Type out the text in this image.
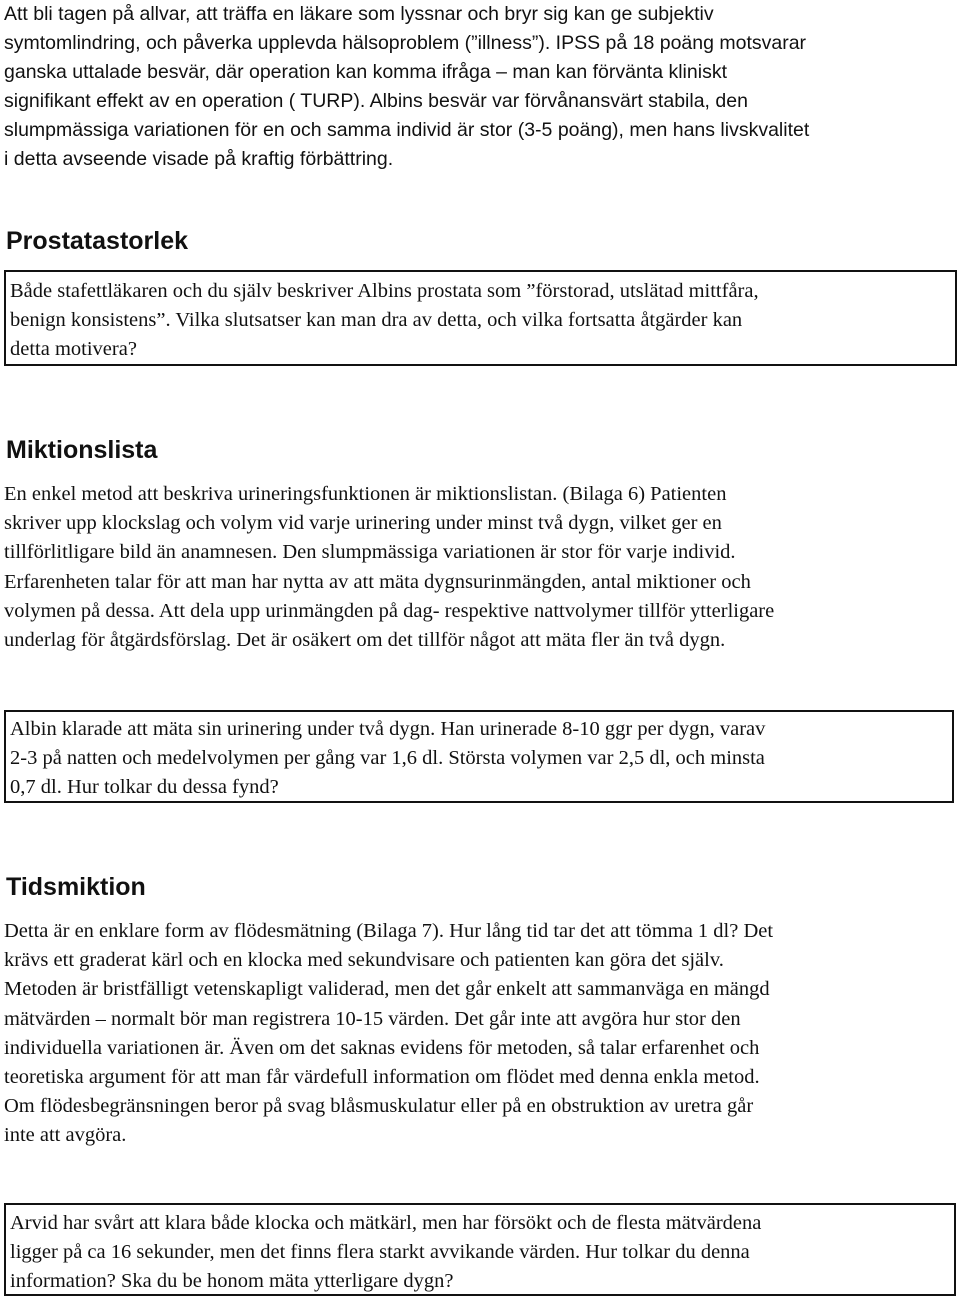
Att bli tagen på allvar, att träffa en läkare som lyssnar och bryr sig kan ge subjektiv
symtomlindring, och påverka upplevda hälsoproblem (”illness”). IPSS på 18 poäng motsvarar
ganska uttalade besvär, där operation kan komma ifråga – man kan förvänta kliniskt
signifikant effekt av en operation ( TURP). Albins besvär var förvånansvärt stabila, den
slumpmässiga variationen för en och samma individ är stor (3-5 poäng), men hans livskvalitet
i detta avseende visade på kraftig förbättring.

Prostatastorlek
Både stafettläkaren och du själv beskriver Albins prostata som ”förstorad, utslätad mittfåra,
benign konsistens”. Vilka slutsatser kan man dra av detta, och vilka fortsatta åtgärder kan
detta motivera?
Miktionslista

En enkel metod att beskriva urineringsfunktionen är miktionslistan. (Bilaga 6) Patienten
skriver upp klockslag och volym vid varje urinering under minst två dygn, vilket ger en
tillförlitligare bild än anamnesen. Den slumpmässiga variationen är stor för varje individ.
Erfarenheten talar för att man har nytta av att mäta dygnsurinmängden, antal miktioner och
volymen på dessa. Att dela upp urinmängden på dag- respektive nattvolymer tillför ytterligare
underlag för åtgärdsförslag. Det är osäkert om det tillför något att mäta fler än två dygn.

Albin klarade att mäta sin urinering under två dygn. Han urinerade 8-10 ggr per dygn, varav
2-3 på natten och medelvolymen per gång var 1,6 dl. Största volymen var 2,5 dl, och minsta
0,7 dl. Hur tolkar du dessa fynd?
Tidsmiktion

Detta är en enklare form av flödesmätning (Bilaga 7). Hur lång tid tar det att tömma 1 dl? Det
krävs ett graderat kärl och en klocka med sekundvisare och patienten kan göra det själv.
Metoden är bristfälligt vetenskapligt validerad, men det går enkelt att sammanväga en mängd
mätvärden – normalt bör man registrera 10-15 värden. Det går inte att avgöra hur stor den
individuella variationen är. Även om det saknas evidens för metoden, så talar erfarenhet och
teoretiska argument för att man får värdefull information om flödet med denna enkla metod.
Om flödesbegränsningen beror på svag blåsmuskulatur eller på en obstruktion av uretra går
inte att avgöra.

Arvid har svårt att klara både klocka och mätkärl, men har försökt och de flesta mätvärdena
ligger på ca 16 sekunder, men det finns flera starkt avvikande värden. Hur tolkar du denna
information? Ska du be honom mäta ytterligare dygn?
